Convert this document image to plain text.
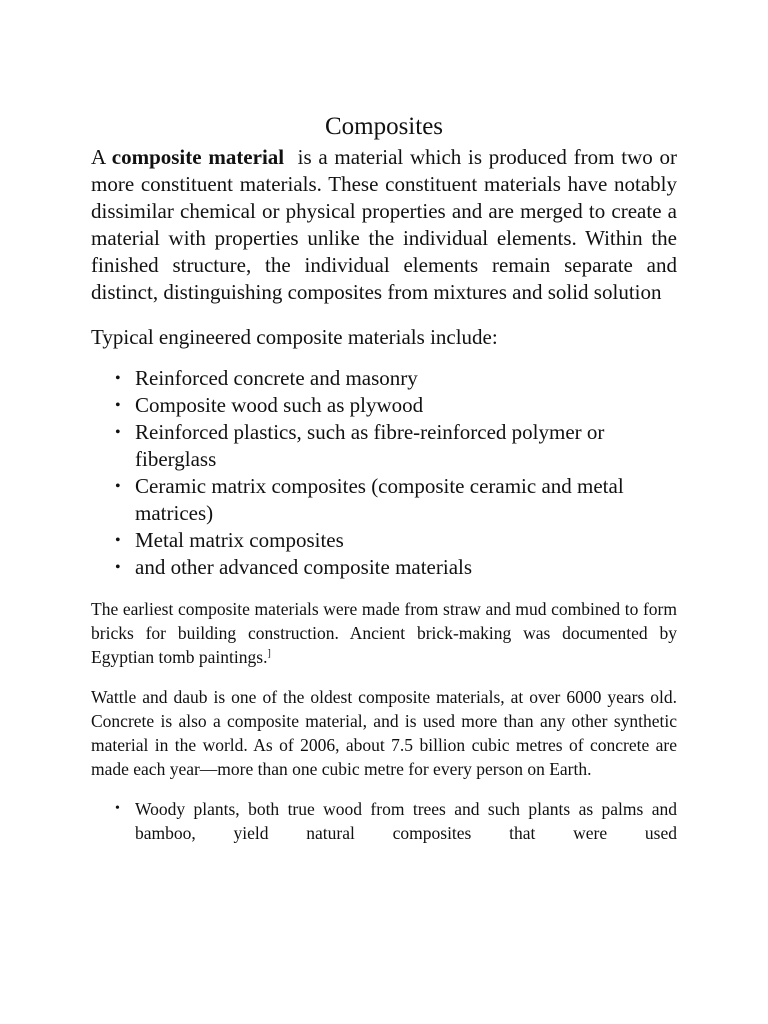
Composites

A composite material  is a material which is produced from two or more constituent materials. These constituent materials have notably dissimilar chemical or physical properties and are merged to create a material with properties unlike the individual elements. Within the finished structure, the individual elements remain separate and distinct, distinguishing composites from mixtures and solid solution

Typical engineered composite materials include:

• Reinforced concrete and masonry
• Composite wood such as plywood
• Reinforced plastics, such as fibre-reinforced polymer or fiberglass
• Ceramic matrix composites (composite ceramic and metal matrices)
• Metal matrix composites
• and other advanced composite materials

The earliest composite materials were made from straw and mud combined to form bricks for building construction. Ancient brick-making was documented by Egyptian tomb paintings.]

Wattle and daub is one of the oldest composite materials, at over 6000 years old. Concrete is also a composite material, and is used more than any other synthetic material in the world. As of 2006, about 7.5 billion cubic metres of concrete are made each year—more than one cubic metre for every person on Earth.

• Woody plants, both true wood from trees and such plants as palms and bamboo, yield natural composites that were used
